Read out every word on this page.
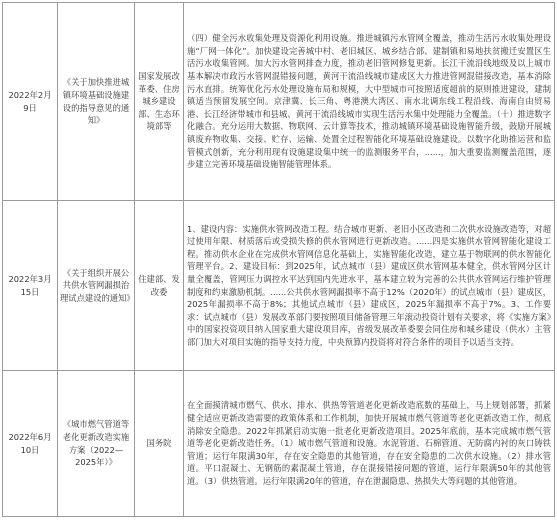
2022年2月9日	《关于加快推进城镇环境基础设施建设的指导意见的通知》	国家发展改革委、住房城乡建设部、生态环境部等	（四）健全污水收集处理及资源化利用设施。推进城镇污水管网全覆盖，推动生活污水收集处理设施“厂网一体化”。加快建设完善城中村、老旧城区、城乡结合部、建制镇和易地扶贫搬迁安置区生活污水收集管网。加大污水管网排查力度，推动老旧管网修复更新。长江干流沿线地级及以上城市基本解决市政污水管网混错接问题，黄河干流沿线城市建成区大力推进管网混错接改造，基本消除污水直排。统筹优化污水处理设施布局和规模，大中型城市可按照适度超前的原则推进建设，建制镇适当预留发展空间。京津冀、长三角、粤港澳大湾区、南水北调东线工程沿线、海南自由贸易港、长江经济带城市和县城、黄河干流沿线城市实现生活污水集中处理能力全覆盖。（十）推进数字化融合。充分运用大数据、物联网、云计算等技术，推动城镇环境基础设施智能升级，鼓励开展城镇废弃物收集、交接、贮存、运输、处置全过程智能化环境基础设施建设。以数字化助推运营和监管模式创新，充分利用现有设施建设集中统一的监测服务平台，......，加大重要监测覆盖范围，逐步建立完善环境基础设施智能管理体系。
2022年3月15日	《关于组织开展公共供水管网漏损治理试点建设的通知》	住建部、发改委	1、建设内容：实施供水管网改造工程。结合城市更新、老旧小区改造和二次供水设施改造等，对超过使用年限、材质落后或受损失修的供水管网进行更新改造。......四是实施供水管网智能化建设工程。推动供水企业在完成供水管网信息化基础上，实施智能化改造，建立基于物联网的供水智能化管理平台。2、建设目标：到2025年，试点城市（县）建成区供水管网基本健全，供水管网分区计量全覆盖，管网压力调控水平达到国内先进水平，基本建立较为完善的公共供水管网运行维护管理制度和约束激励机制。......公共供水管网漏损率不高于12%（2020年）的试点城市（县）建成区，2025年漏损率不高于8%；其他试点城市（县）建成区，2025年漏损率不高于7%。3、工作要求：试点城市（县）发展改革部门要按照项目储备管理三年滚动投资计划有关要求，将《实施方案》中的国家投资项目纳入国家重大建设项目库，省级发展改革委要会同住房和城乡建设（供水）主管部门加大对项目实施的指导支持力度，中央预算内投资将对符合条件的项目予以适当支持。
2022年6月10日	《城市燃气管道等老化更新改造实施方案（2022—2025年）》	国务院	在全面摸清城市燃气、供水、排水、供热等管道老化更新改造底数的基础上，马上规划部署，抓紧健全适应更新改造需要的政策体系和工作机制，加快开展城市燃气管道等老化更新改造工作，彻底消除安全隐患。2022年抓紧启动实施一批老化更新改造项目。2025年底前，基本完成城市燃气管道等老化更新改造任务。（1）城市燃气管道和设施。水泥管道、石棉管道、无防腐内衬的灰口铸铁管道；运行年限满30年，存在安全隐患的其他管道，存在安全隐患的二次供水设施。（2）排水管道。平口混凝土、无钢筋的素混凝土管道，存在混接错接问题的管道，运行年限满50年的其他管道。（3）供热管道。运行年限满20年的管道，存在泄漏隐患、热损失大等问题的其他管道。
